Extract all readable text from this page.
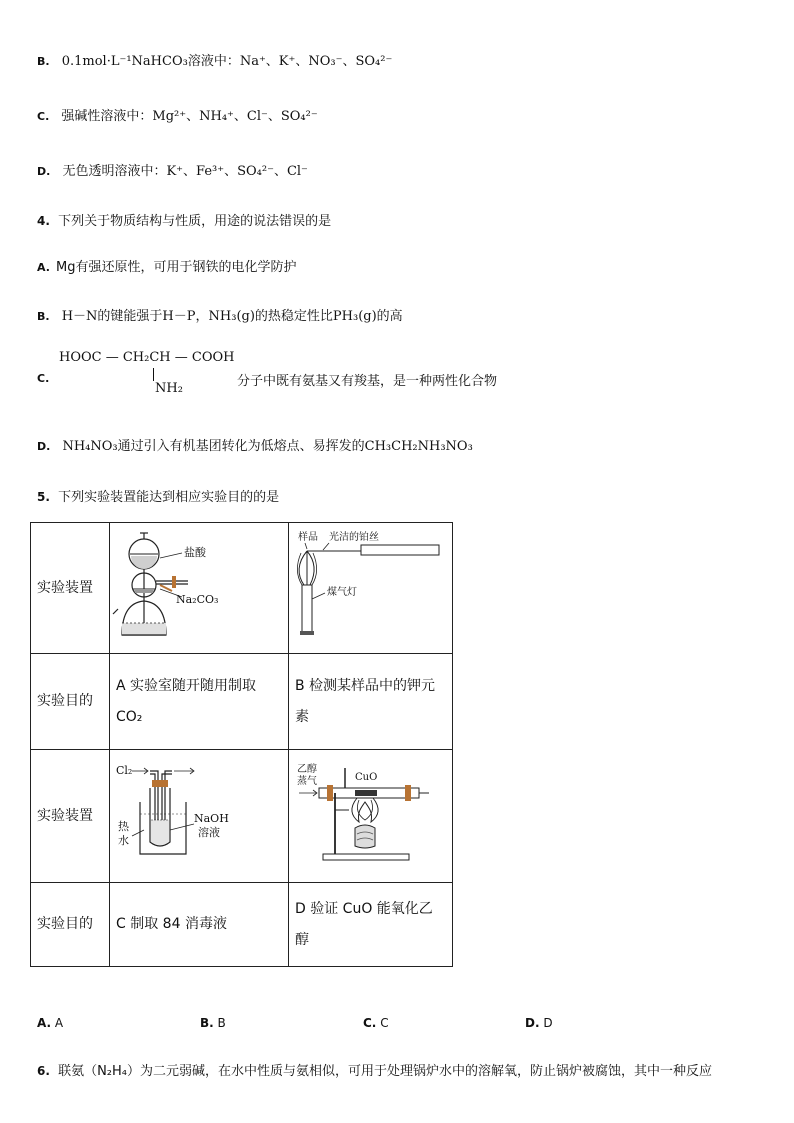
B. 0.1mol·L⁻¹NaHCO₃溶液中：Na⁺、K⁺、NO₃⁻、SO₄²⁻
C. 强碱性溶液中：Mg²⁺、NH₄⁺、Cl⁻、SO₄²⁻
D. 无色透明溶液中：K⁺、Fe³⁺、SO₄²⁻、Cl⁻
4. 下列关于物质结构与性质，用途的说法错误的是
A. Mg有强还原性，可用于钢铁的电化学防护
B. H－N的键能强于H－P，NH₃(g)的热稳定性比PH₃(g)的高
C.
HOOC — CH₂CH — COOH
NH₂	分子中既有氨基又有羧基，是一种两性化合物
D. NH₄NO₃通过引入有机基团转化为低熔点、易挥发的CH₃CH₂NH₃NO₃
5. 下列实验装置能达到相应实验目的的是
实验装置	盐酸
Na₂CO₃	样品 光洁的铂丝
煤气灯

实验目的	A 实验室随开随用制取CO₂	B 检测某样品中的钾元素
实验装置	Cl₂
热
水
NaOH
溶液	乙醇
蒸气 CuO

实验目的	C 制取 84 消毒液	D 验证 CuO 能氧化乙醇
A. A	B. B	C. C	D. D
6. 联氨（N₂H₄）为二元弱碱，在水中性质与氨相似，可用于处理锅炉水中的溶解氧，防止锅炉被腐蚀，其中一种反应
